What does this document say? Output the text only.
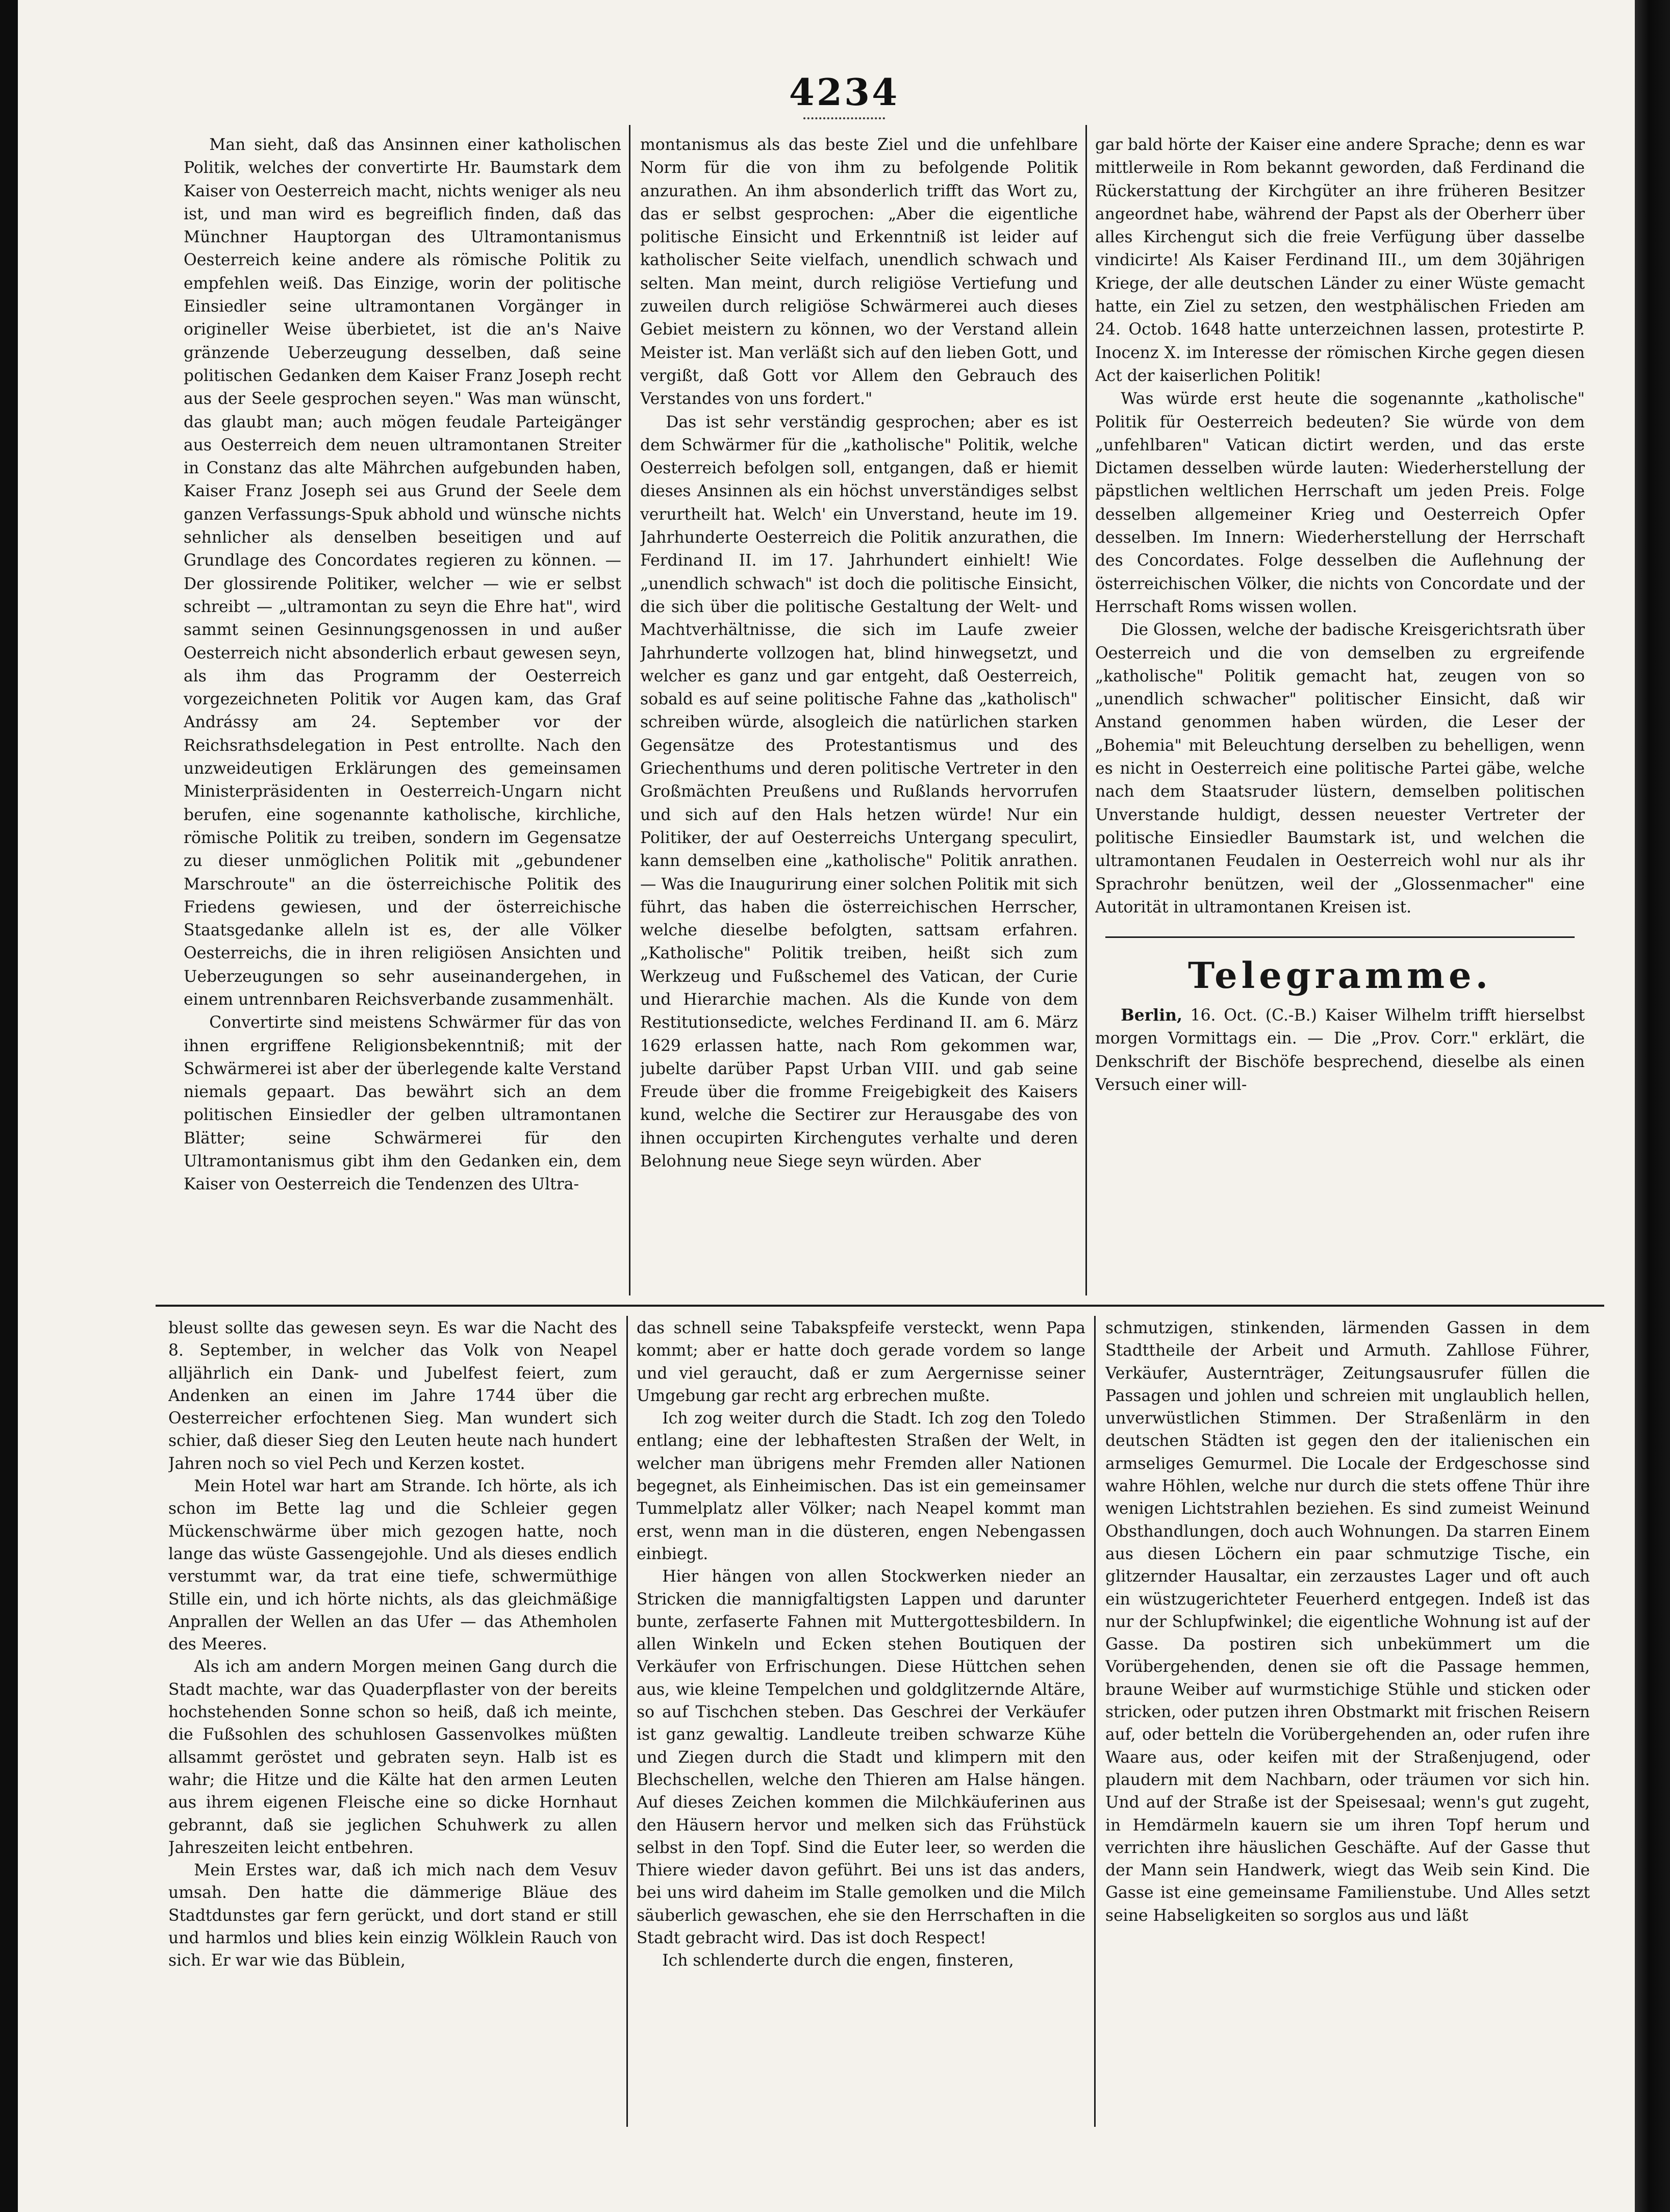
4234

Man sieht, daß das Ansinnen einer katholischen Politik, welches der convertirte Hr. Baumstark dem Kaiser von Oesterreich macht, nichts weniger als neu ist, und man wird es begreiflich finden, daß das Münchner Hauptorgan des Ultramontanismus Oesterreich keine andere als römische Politik zu empfehlen weiß. Das Einzige, worin der politische Einsiedler seine ultramontanen Vorgänger in origineller Weise überbietet, ist die an's Naive gränzende Ueberzeugung desselben, daß seine politischen Gedanken dem Kaiser Franz Joseph recht aus der Seele gesprochen seyen." Was man wünscht, das glaubt man; auch mögen feudale Parteigänger aus Oesterreich dem neuen ultramontanen Streiter in Constanz das alte Mährchen aufgebunden haben, Kaiser Franz Joseph sei aus Grund der Seele dem ganzen Verfassungs-Spuk abhold und wünsche nichts sehnlicher als denselben beseitigen und auf Grundlage des Concordates regieren zu können. — Der glossirende Politiker, welcher — wie er selbst schreibt — „ultramontan zu seyn die Ehre hat", wird sammt seinen Gesinnungsgenossen in und außer Oesterreich nicht absonderlich erbaut gewesen seyn, als ihm das Programm der Oesterreich vorgezeichneten Politik vor Augen kam, das Graf Andrássy am 24. September vor der Reichsrathsdelegation in Pest entrollte. Nach den unzweideutigen Erklärungen des gemeinsamen Ministerpräsidenten in Oesterreich-Ungarn nicht berufen, eine sogenannte katholische, kirchliche, römische Politik zu treiben, sondern im Gegensatze zu dieser unmöglichen Politik mit „gebundener Marschroute" an die österreichische Politik des Friedens gewiesen, und der österreichische Staatsgedanke alleln ist es, der alle Völker Oesterreichs, die in ihren religiösen Ansichten und Ueberzeugungen so sehr auseinandergehen, in einem untrennbaren Reichsverbande zusammenhält.

Convertirte sind meistens Schwärmer für das von ihnen ergriffene Religionsbekenntniß; mit der Schwärmerei ist aber der überlegende kalte Verstand niemals gepaart. Das bewährt sich an dem politischen Einsiedler der gelben ultramontanen Blätter; seine Schwärmerei für den Ultramontanismus gibt ihm den Gedanken ein, dem Kaiser von Oesterreich die Tendenzen des Ultra-

montanismus als das beste Ziel und die unfehlbare Norm für die von ihm zu befolgende Politik anzurathen. An ihm absonderlich trifft das Wort zu, das er selbst gesprochen: „Aber die eigentliche politische Einsicht und Erkenntniß ist leider auf katholischer Seite vielfach, unendlich schwach und selten. Man meint, durch religiöse Vertiefung und zuweilen durch religiöse Schwärmerei auch dieses Gebiet meistern zu können, wo der Verstand allein Meister ist. Man verläßt sich auf den lieben Gott, und vergißt, daß Gott vor Allem den Gebrauch des Verstandes von uns fordert."

Das ist sehr verständig gesprochen; aber es ist dem Schwärmer für die „katholische" Politik, welche Oesterreich befolgen soll, entgangen, daß er hiemit dieses Ansinnen als ein höchst unverständiges selbst verurtheilt hat. Welch' ein Unverstand, heute im 19. Jahrhunderte Oesterreich die Politik anzurathen, die Ferdinand II. im 17. Jahrhundert einhielt! Wie „unendlich schwach" ist doch die politische Einsicht, die sich über die politische Gestaltung der Welt- und Machtverhältnisse, die sich im Laufe zweier Jahrhunderte vollzogen hat, blind hinwegsetzt, und welcher es ganz und gar entgeht, daß Oesterreich, sobald es auf seine politische Fahne das „katholisch" schreiben würde, alsogleich die natürlichen starken Gegensätze des Protestantismus und des Griechenthums und deren politische Vertreter in den Großmächten Preußens und Rußlands hervorrufen und sich auf den Hals hetzen würde! Nur ein Politiker, der auf Oesterreichs Untergang speculirt, kann demselben eine „katholische" Politik anrathen. — Was die Inaugurirung einer solchen Politik mit sich führt, das haben die österreichischen Herrscher, welche dieselbe befolgten, sattsam erfahren. „Katholische" Politik treiben, heißt sich zum Werkzeug und Fußschemel des Vatican, der Curie und Hierarchie machen. Als die Kunde von dem Restitutionsedicte, welches Ferdinand II. am 6. März 1629 erlassen hatte, nach Rom gekommen war, jubelte darüber Papst Urban VIII. und gab seine Freude über die fromme Freigebigkeit des Kaisers kund, welche die Sectirer zur Herausgabe des von ihnen occupirten Kirchengutes verhalte und deren Belohnung neue Siege seyn würden. Aber

gar bald hörte der Kaiser eine andere Sprache; denn es war mittlerweile in Rom bekannt geworden, daß Ferdinand die Rückerstattung der Kirchgüter an ihre früheren Besitzer angeordnet habe, während der Papst als der Oberherr über alles Kirchengut sich die freie Verfügung über dasselbe vindicirte! Als Kaiser Ferdinand III., um dem 30jährigen Kriege, der alle deutschen Länder zu einer Wüste gemacht hatte, ein Ziel zu setzen, den westphälischen Frieden am 24. Octob. 1648 hatte unterzeichnen lassen, protestirte P. Inocenz X. im Interesse der römischen Kirche gegen diesen Act der kaiserlichen Politik!

Was würde erst heute die sogenannte „katholische" Politik für Oesterreich bedeuten? Sie würde von dem „unfehlbaren" Vatican dictirt werden, und das erste Dictamen desselben würde lauten: Wiederherstellung der päpstlichen weltlichen Herrschaft um jeden Preis. Folge desselben allgemeiner Krieg und Oesterreich Opfer desselben. Im Innern: Wiederherstellung der Herrschaft des Concordates. Folge desselben die Auflehnung der österreichischen Völker, die nichts von Concordate und der Herrschaft Roms wissen wollen.

Die Glossen, welche der badische Kreisgerichtsrath über Oesterreich und die von demselben zu ergreifende „katholische" Politik gemacht hat, zeugen von so „unendlich schwacher" politischer Einsicht, daß wir Anstand genommen haben würden, die Leser der „Bohemia" mit Beleuchtung derselben zu behelligen, wenn es nicht in Oesterreich eine politische Partei gäbe, welche nach dem Staatsruder lüstern, demselben politischen Unverstande huldigt, dessen neuester Vertreter der politische Einsiedler Baumstark ist, und welchen die ultramontanen Feudalen in Oesterreich wohl nur als ihr Sprachrohr benützen, weil der „Glossenmacher" eine Autorität in ultramontanen Kreisen ist.

Telegramme.

Berlin, 16. Oct. (C.-B.) Kaiser Wilhelm trifft hierselbst morgen Vormittags ein. — Die „Prov. Corr." erklärt, die Denkschrift der Bischöfe besprechend, dieselbe als einen Versuch einer will-

bleust sollte das gewesen seyn. Es war die Nacht des 8. September, in welcher das Volk von Neapel alljährlich ein Dank- und Jubelfest feiert, zum Andenken an einen im Jahre 1744 über die Oesterreicher erfochtenen Sieg. Man wundert sich schier, daß dieser Sieg den Leuten heute nach hundert Jahren noch so viel Pech und Kerzen kostet.

Mein Hotel war hart am Strande. Ich hörte, als ich schon im Bette lag und die Schleier gegen Mückenschwärme über mich gezogen hatte, noch lange das wüste Gassengejohle. Und als dieses endlich verstummt war, da trat eine tiefe, schwermüthige Stille ein, und ich hörte nichts, als das gleichmäßige Anprallen der Wellen an das Ufer — das Athemholen des Meeres.

Als ich am andern Morgen meinen Gang durch die Stadt machte, war das Quaderpflaster von der bereits hochstehenden Sonne schon so heiß, daß ich meinte, die Fußsohlen des schuhlosen Gassenvolkes müßten allsammt geröstet und gebraten seyn. Halb ist es wahr; die Hitze und die Kälte hat den armen Leuten aus ihrem eigenen Fleische eine so dicke Hornhaut gebrannt, daß sie jeglichen Schuhwerk zu allen Jahreszeiten leicht entbehren.

Mein Erstes war, daß ich mich nach dem Vesuv umsah. Den hatte die dämmerige Bläue des Stadtdunstes gar fern gerückt, und dort stand er still und harmlos und blies kein einzig Wölklein Rauch von sich. Er war wie das Büblein,

das schnell seine Tabakspfeife versteckt, wenn Papa kommt; aber er hatte doch gerade vordem so lange und viel geraucht, daß er zum Aergernisse seiner Umgebung gar recht arg erbrechen mußte.

Ich zog weiter durch die Stadt. Ich zog den Toledo entlang; eine der lebhaftesten Straßen der Welt, in welcher man übrigens mehr Fremden aller Nationen begegnet, als Einheimischen. Das ist ein gemeinsamer Tummelplatz aller Völker; nach Neapel kommt man erst, wenn man in die düsteren, engen Nebengassen einbiegt.

Hier hängen von allen Stockwerken nieder an Stricken die mannigfaltigsten Lappen und darunter bunte, zerfaserte Fahnen mit Muttergottesbildern. In allen Winkeln und Ecken stehen Boutiquen der Verkäufer von Erfrischungen. Diese Hüttchen sehen aus, wie kleine Tempelchen und goldglitzernde Altäre, so auf Tischchen steben. Das Geschrei der Verkäufer ist ganz gewaltig. Landleute treiben schwarze Kühe und Ziegen durch die Stadt und klimpern mit den Blechschellen, welche den Thieren am Halse hängen. Auf dieses Zeichen kommen die Milchkäuferinen aus den Häusern hervor und melken sich das Frühstück selbst in den Topf. Sind die Euter leer, so werden die Thiere wieder davon geführt. Bei uns ist das anders, bei uns wird daheim im Stalle gemolken und die Milch säuberlich gewaschen, ehe sie den Herrschaften in die Stadt gebracht wird. Das ist doch Respect!

Ich schlenderte durch die engen, finsteren,

schmutzigen, stinkenden, lärmenden Gassen in dem Stadttheile der Arbeit und Armuth. Zahllose Führer, Verkäufer, Austernträger, Zeitungsausrufer füllen die Passagen und johlen und schreien mit unglaublich hellen, unverwüstlichen Stimmen. Der Straßenlärm in den deutschen Städten ist gegen den der italienischen ein armseliges Gemurmel. Die Locale der Erdgeschosse sind wahre Höhlen, welche nur durch die stets offene Thür ihre wenigen Lichtstrahlen beziehen. Es sind zumeist Weinund Obsthandlungen, doch auch Wohnungen. Da starren Einem aus diesen Löchern ein paar schmutzige Tische, ein glitzernder Hausaltar, ein zerzaustes Lager und oft auch ein wüstzugerichteter Feuerherd entgegen. Indeß ist das nur der Schlupfwinkel; die eigentliche Wohnung ist auf der Gasse. Da postiren sich unbekümmert um die Vorübergehenden, denen sie oft die Passage hemmen, braune Weiber auf wurmstichige Stühle und sticken oder stricken, oder putzen ihren Obstmarkt mit frischen Reisern auf, oder betteln die Vorübergehenden an, oder rufen ihre Waare aus, oder keifen mit der Straßenjugend, oder plaudern mit dem Nachbarn, oder träumen vor sich hin. Und auf der Straße ist der Speisesaal; wenn's gut zugeht, in Hemdärmeln kauern sie um ihren Topf herum und verrichten ihre häuslichen Geschäfte. Auf der Gasse thut der Mann sein Handwerk, wiegt das Weib sein Kind. Die Gasse ist eine gemeinsame Familienstube. Und Alles setzt seine Habseligkeiten so sorglos aus und läßt
